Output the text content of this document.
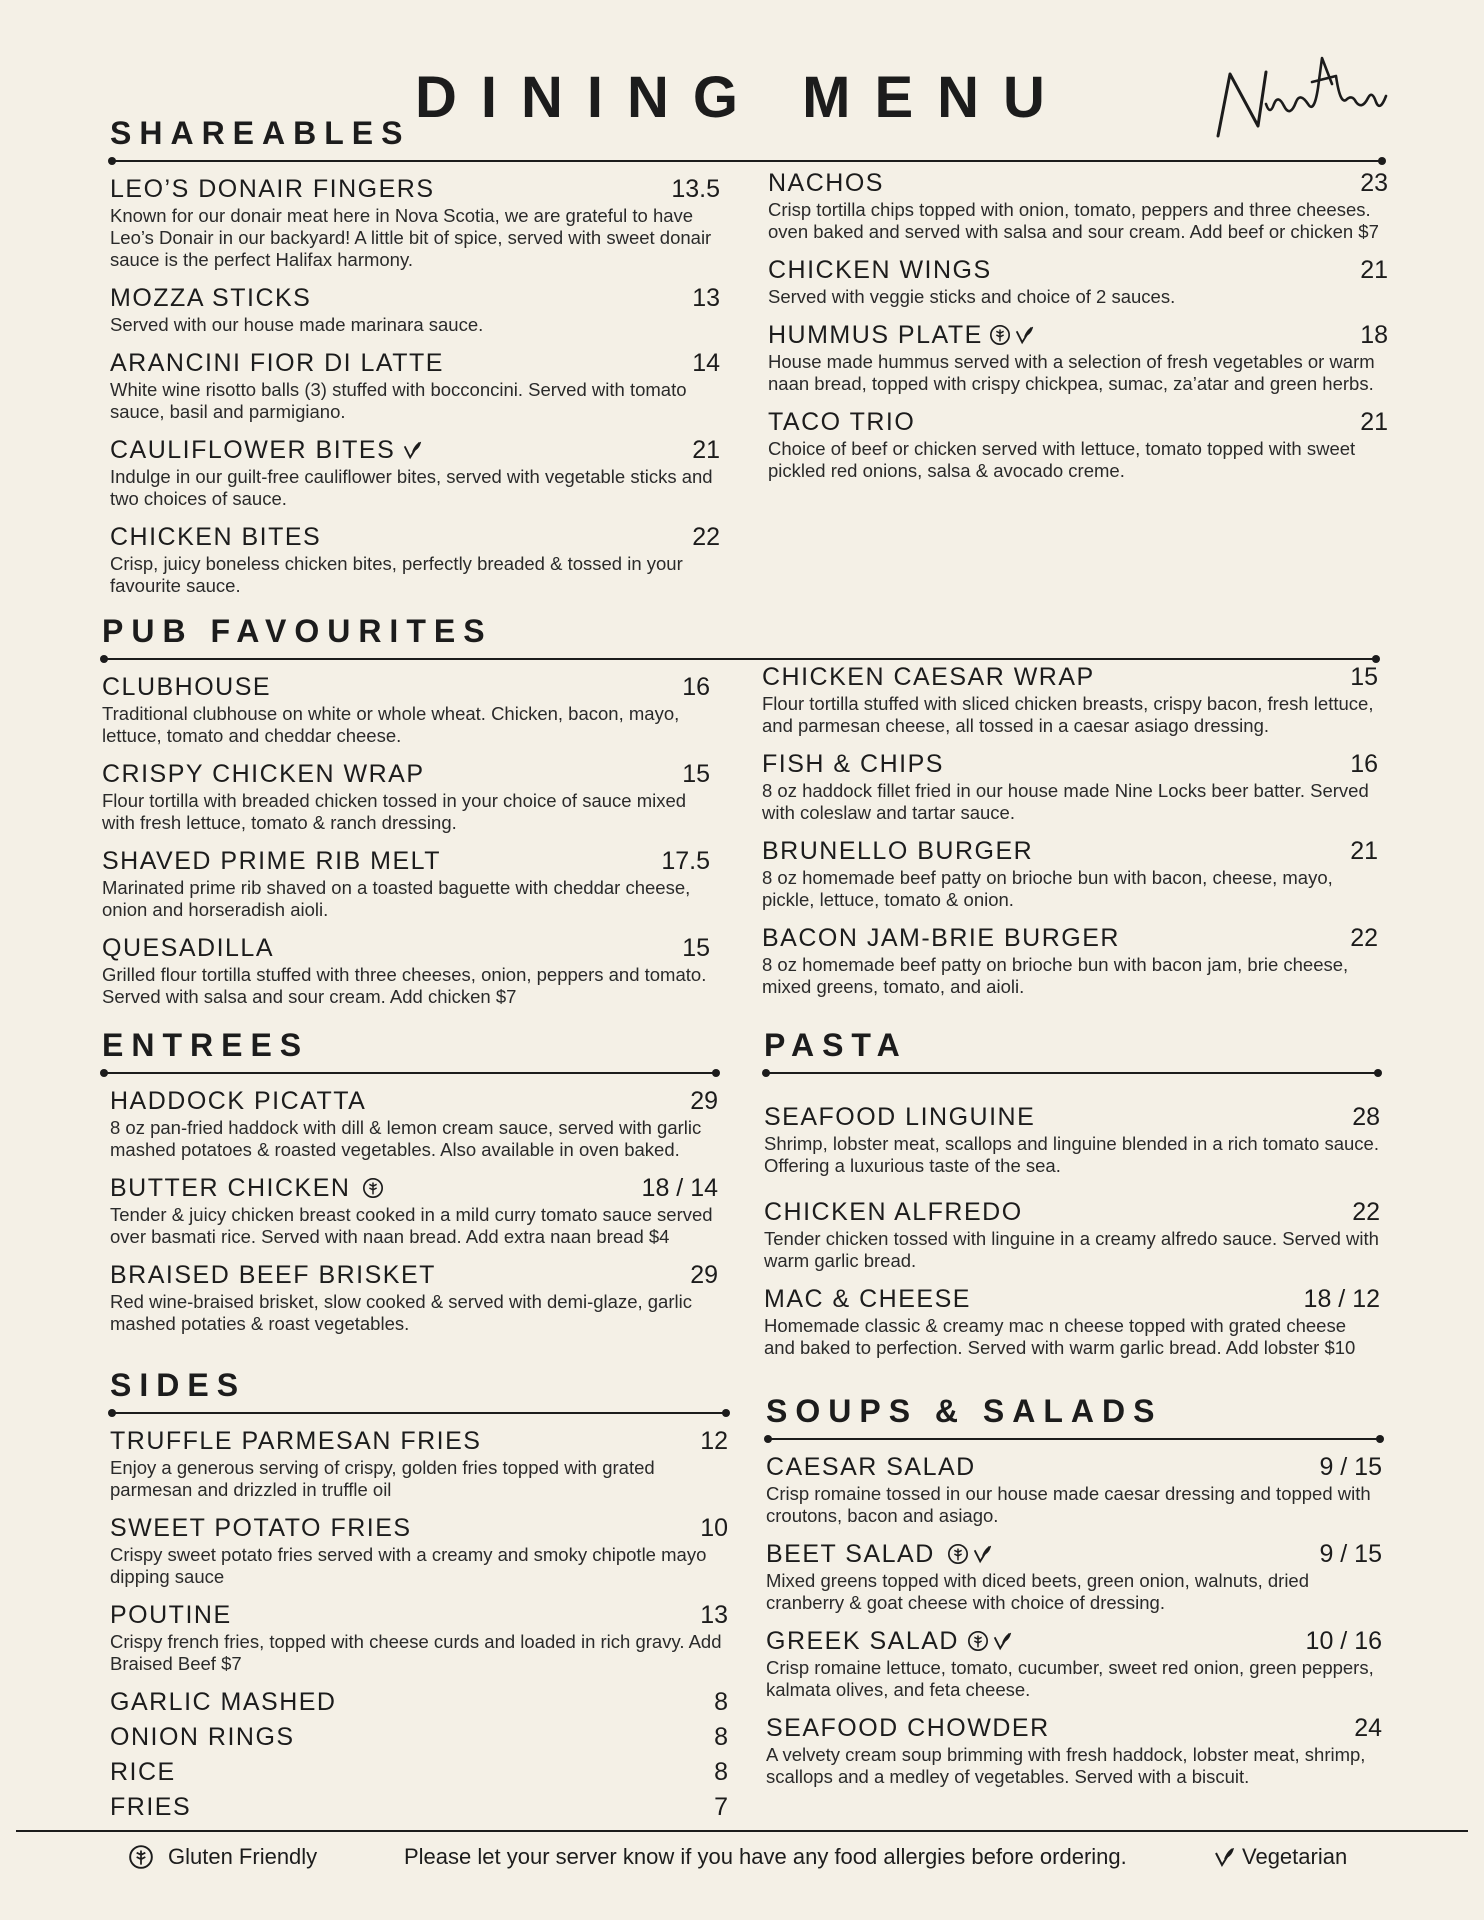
DINING MENU
SHAREABLES
LEO’S DONAIR FINGERS	13.5
Known for our donair meat here in Nova Scotia, we are grateful to have Leo’s Donair in our backyard! A little bit of spice, served with sweet donair sauce is the perfect Halifax harmony.
MOZZA STICKS	13
Served with our house made marinara sauce.
ARANCINI FIOR DI LATTE	14
White wine risotto balls (3) stuffed with bocconcini. Served with tomato sauce, basil and parmigiano.
CAULIFLOWER BITES	21
Indulge in our guilt-free cauliflower bites, served with vegetable sticks and two choices of sauce.
CHICKEN BITES	22
Crisp, juicy boneless chicken bites, perfectly breaded & tossed in your favourite sauce.
NACHOS	23
Crisp tortilla chips topped with onion, tomato, peppers and three cheeses. oven baked and served with salsa and sour cream. Add beef or chicken $7
CHICKEN WINGS	21
Served with veggie sticks and choice of 2 sauces.
HUMMUS PLATE	18
House made hummus served with a selection of fresh vegetables or warm naan bread, topped with crispy chickpea, sumac, za’atar and green herbs.
TACO TRIO	21
Choice of beef or chicken served with lettuce, tomato topped with sweet pickled red onions, salsa & avocado creme.
PUB FAVOURITES
CLUBHOUSE	16
Traditional clubhouse on white or whole wheat. Chicken, bacon, mayo, lettuce, tomato and cheddar cheese.
CRISPY CHICKEN WRAP	15
Flour tortilla with breaded chicken tossed in your choice of sauce mixed with fresh lettuce, tomato & ranch dressing.
SHAVED PRIME RIB MELT	17.5
Marinated prime rib shaved on a toasted baguette with cheddar cheese, onion and horseradish aioli.
QUESADILLA	15
Grilled flour tortilla stuffed with three cheeses, onion, peppers and tomato. Served with salsa and sour cream. Add chicken $7
CHICKEN CAESAR WRAP	15
Flour tortilla stuffed with sliced chicken breasts, crispy bacon, fresh lettuce, and parmesan cheese, all tossed in a caesar asiago dressing.
FISH & CHIPS	16
8 oz haddock fillet fried in our house made Nine Locks beer batter. Served with coleslaw and tartar sauce.
BRUNELLO BURGER	21
8 oz homemade beef patty on brioche bun with bacon, cheese, mayo, pickle, lettuce, tomato & onion.
BACON JAM-BRIE BURGER	22
8 oz homemade beef patty on brioche bun with bacon jam, brie cheese, mixed greens, tomato, and aioli.
ENTREES
HADDOCK PICATTA	29
8 oz pan-fried haddock with dill & lemon cream sauce, served with garlic mashed potatoes & roasted vegetables. Also available in oven baked.
BUTTER CHICKEN	18 / 14
Tender & juicy chicken breast cooked in a mild curry tomato sauce served over basmati rice. Served with naan bread. Add extra naan bread $4
BRAISED BEEF BRISKET	29
Red wine-braised brisket, slow cooked & served with demi-glaze, garlic mashed potaties & roast vegetables.
PASTA
SEAFOOD LINGUINE	28
Shrimp, lobster meat, scallops and linguine blended in a rich tomato sauce. Offering a luxurious taste of the sea.
CHICKEN ALFREDO	22
Tender chicken tossed with linguine in a creamy alfredo sauce. Served with warm garlic bread.
MAC & CHEESE	18 / 12
Homemade classic & creamy mac n cheese topped with grated cheese and baked to perfection. Served with warm garlic bread. Add lobster $10
SIDES
TRUFFLE PARMESAN FRIES	12
Enjoy a generous serving of crispy, golden fries topped with grated parmesan and drizzled in truffle oil
SWEET POTATO FRIES	10
Crispy sweet potato fries served with a creamy and smoky chipotle mayo dipping sauce
POUTINE	13
Crispy french fries, topped with cheese curds and loaded in rich gravy. Add Braised Beef $7
GARLIC MASHED	8
ONION RINGS	8
RICE	8
FRIES	7
SOUPS & SALADS
CAESAR SALAD	9 / 15
Crisp romaine tossed in our house made caesar dressing and topped with croutons, bacon and asiago.
BEET SALAD	9 / 15
Mixed greens topped with diced beets, green onion, walnuts, dried cranberry & goat cheese with choice of dressing.
GREEK SALAD	10 / 16
Crisp romaine lettuce, tomato, cucumber, sweet red onion, green peppers, kalmata olives, and feta cheese.
SEAFOOD CHOWDER	24
A velvety cream soup brimming with fresh haddock, lobster meat, shrimp, scallops and a medley of vegetables. Served with a biscuit.
Gluten Friendly	Please let your server know if you have any food allergies before ordering.	Vegetarian
